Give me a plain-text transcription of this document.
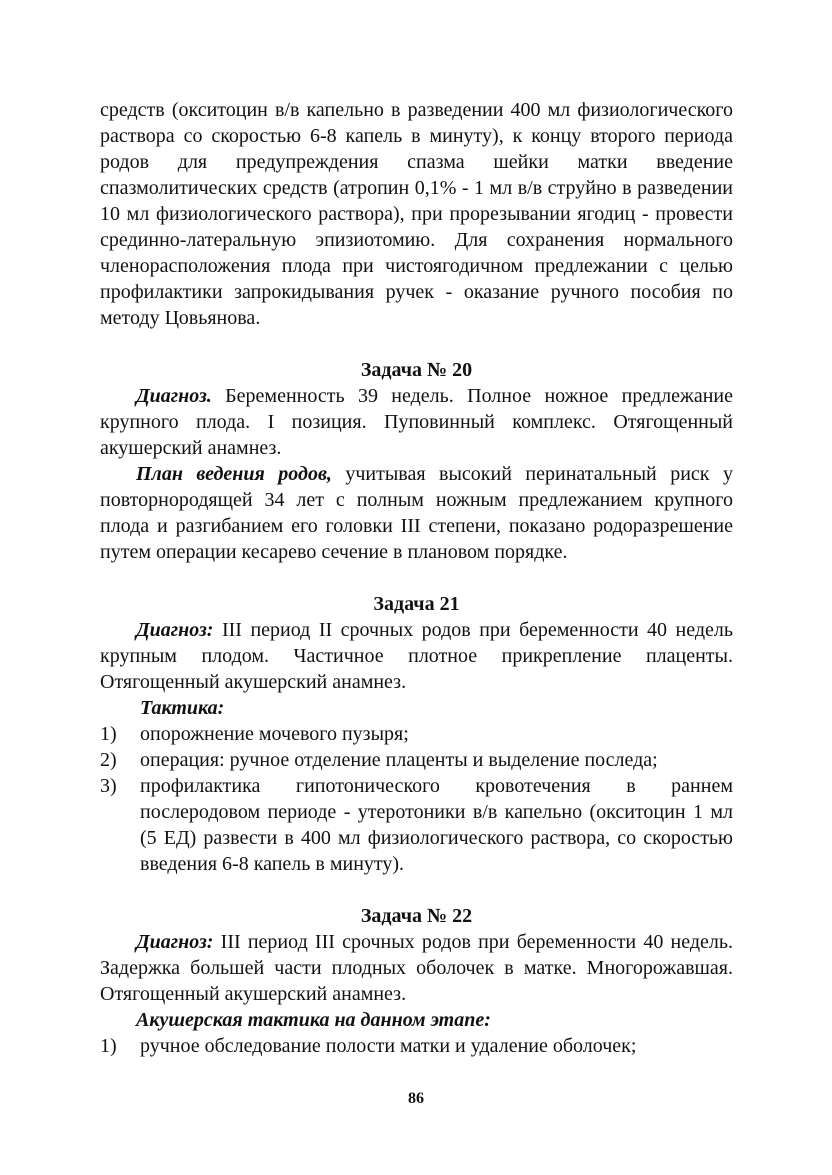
средств (окситоцин в/в капельно в разведении 400 мл физиологического раствора со скоростью 6-8 капель в минуту), к концу второго периода родов для предупреждения спазма шейки матки введение спазмолитических средств (атропин 0,1% - 1 мл в/в струйно в разведении 10 мл физиологического раствора), при прорезывании ягодиц - провести срединно-латеральную эпизиотомию. Для сохранения нормального членорасположения плода при чистоягодичном предлежании с целью профилактики запрокидывания ручек - оказание ручного пособия по методу Цовьянова.

Задача № 20

Диагноз. Беременность 39 недель. Полное ножное предлежание крупного плода. I позиция. Пуповинный комплекс. Отягощенный акушерский анамнез.

План ведения родов, учитывая высокий перинатальный риск у повторнородящей 34 лет с полным ножным предлежанием крупного плода и разгибанием его головки III степени, показано родоразрешение путем операции кесарево сечение в плановом порядке.

Задача 21

Диагноз: III период II срочных родов при беременности 40 недель крупным плодом. Частичное плотное прикрепление плаценты. Отягощенный акушерский анамнез.

Тактика:

1) опорожнение мочевого пузыря;
2) операция: ручное отделение плаценты и выделение последа;
3) профилактика гипотонического кровотечения в раннем послеродовом периоде - утеротоники в/в капельно (окситоцин 1 мл (5 ЕД) развести в 400 мл физиологического раствора, со скоростью введения 6-8 капель в минуту).

Задача № 22

Диагноз: III период III срочных родов при беременности 40 недель. Задержка большей части плодных оболочек в матке. Многорожавшая. Отягощенный акушерский анамнез.

Акушерская тактика на данном этапе:

1) ручное обследование полости матки и удаление оболочек;
86
